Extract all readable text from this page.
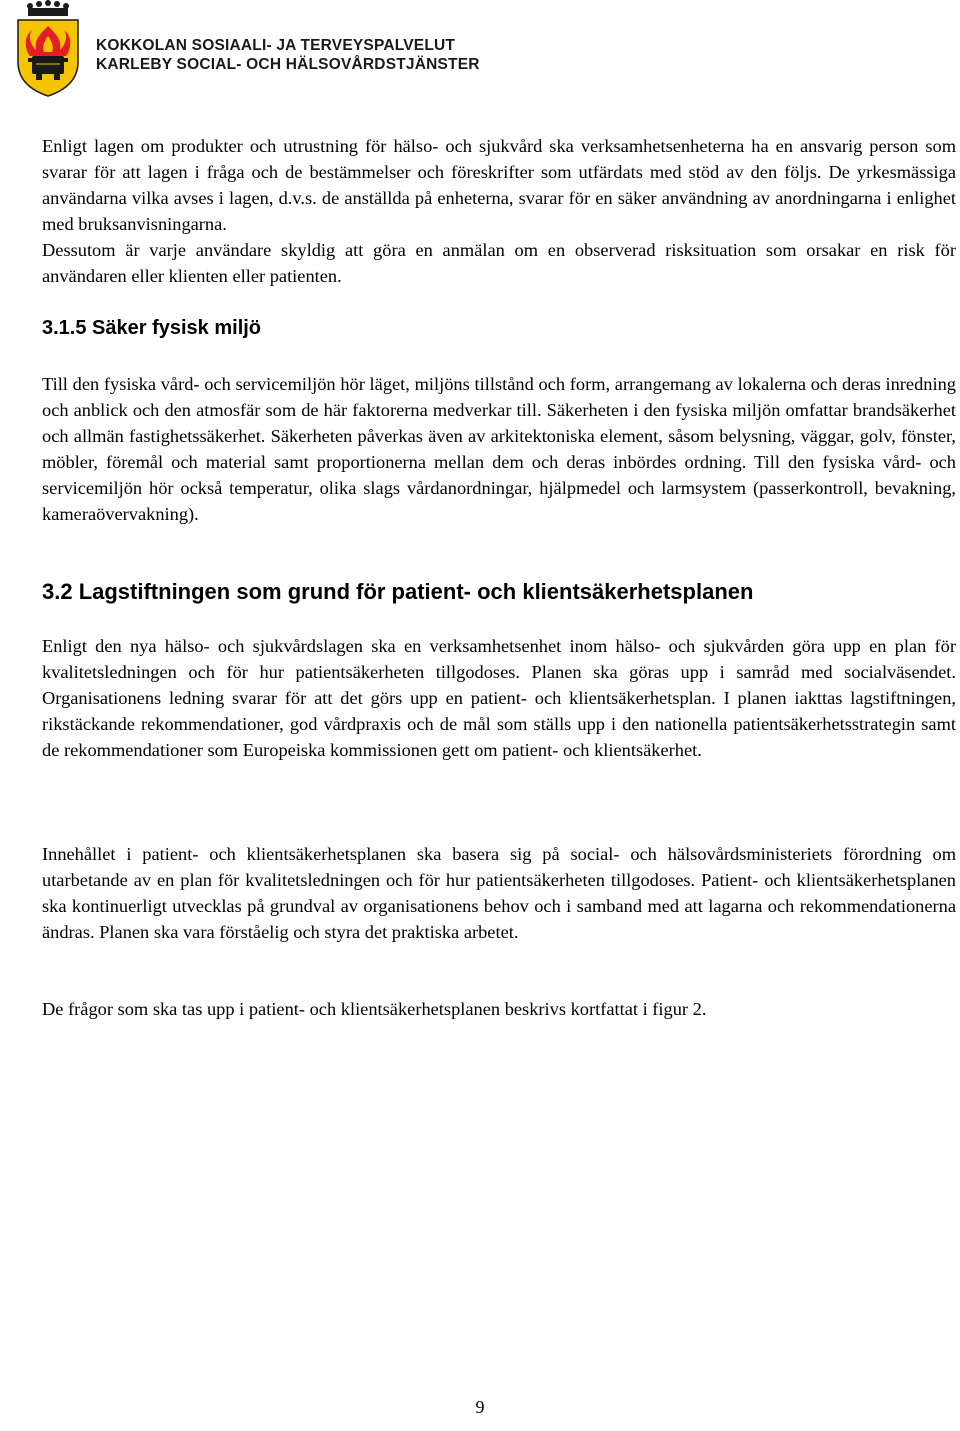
KOKKOLAN SOSIAALI- JA TERVEYSPALVELUT
KARLEBY SOCIAL- OCH HÄLSOVÅRDSTJÄNSTER

Enligt lagen om produkter och utrustning för hälso- och sjukvård ska verksamhetsenheterna ha en ansvarig person som svarar för att lagen i fråga och de bestämmelser och föreskrifter som utfärdats med stöd av den följs. De yrkesmässiga användarna vilka avses i lagen, d.v.s. de anställda på enheterna, svarar för en säker användning av anordningarna i enlighet med bruksanvisningarna.

Dessutom är varje användare skyldig att göra en anmälan om en observerad risksituation som orsakar en risk för användaren eller klienten eller patienten.

3.1.5 Säker fysisk miljö

Till den fysiska vård- och servicemiljön hör läget, miljöns tillstånd och form, arrangemang av lokalerna och deras inredning och anblick och den atmosfär som de här faktorerna medverkar till. Säkerheten i den fysiska miljön omfattar brandsäkerhet och allmän fastighetssäkerhet. Säkerheten påverkas även av arkitektoniska element, såsom belysning, väggar, golv, fönster, möbler, föremål och material samt proportionerna mellan dem och deras inbördes ordning. Till den fysiska vård- och servicemiljön hör också temperatur, olika slags vårdanordningar, hjälpmedel och larmsystem (passerkontroll, bevakning, kameraövervakning).

3.2 Lagstiftningen som grund för patient- och klientsäkerhetsplanen

Enligt den nya hälso- och sjukvårdslagen ska en verksamhetsenhet inom hälso- och sjukvården göra upp en plan för kvalitetsledningen och för hur patientsäkerheten tillgodoses. Planen ska göras upp i samråd med socialväsendet. Organisationens ledning svarar för att det görs upp en patient- och klientsäkerhetsplan. I planen iakttas lagstiftningen, rikstäckande rekommendationer, god vårdpraxis och de mål som ställs upp i den nationella patientsäkerhetsstrategin samt de rekommendationer som Europeiska kommissionen gett om patient- och klientsäkerhet.

Innehållet i patient- och klientsäkerhetsplanen ska basera sig på social- och hälsovårdsministeriets förordning om utarbetande av en plan för kvalitetsledningen och för hur patientsäkerheten tillgodoses. Patient- och klientsäkerhetsplanen ska kontinuerligt utvecklas på grundval av organisationens behov och i samband med att lagarna och rekommendationerna ändras. Planen ska vara förståelig och styra det praktiska arbetet.

De frågor som ska tas upp i patient- och klientsäkerhetsplanen beskrivs kortfattat i figur 2.

9
